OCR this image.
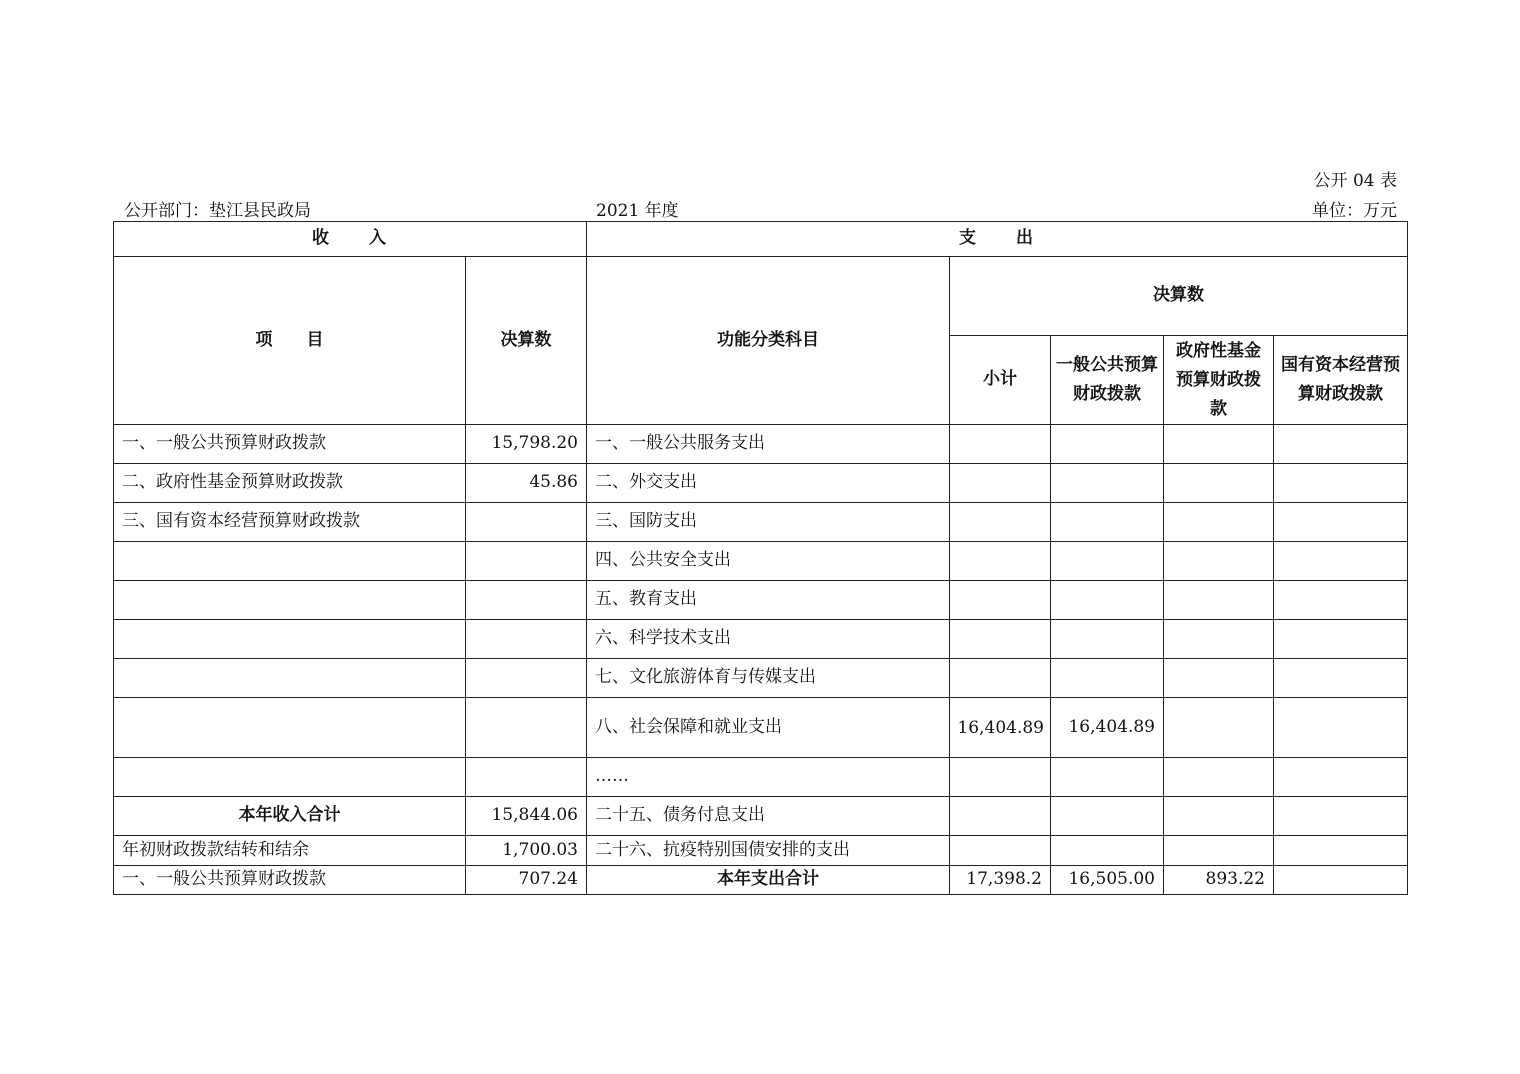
公开 04 表
公开部门：垫江县民政局	2021 年度	单位：万元
收　　入		支　　出				
项　　目	决算数	功能分类科目	决算数			
			小计	一般公共预算财政拨款	政府性基金预算财政拨款	国有资本经营预算财政拨款
一、一般公共预算财政拨款	15,798.20	一、一般公共服务支出				
二、政府性基金预算财政拨款	45.86	二、外交支出				
三、国有资本经营预算财政拨款		三、国防支出				
		四、公共安全支出				
		五、教育支出				
		六、科学技术支出				
		七、文化旅游体育与传媒支出				
		八、社会保障和就业支出	16,404.89	16,404.89		
		……				
本年收入合计	15,844.06	二十五、债务付息支出				
年初财政拨款结转和结余	1,700.03	二十六、抗疫特别国债安排的支出				
一、一般公共预算财政拨款	707.24	本年支出合计	17,398.2	16,505.00	893.22	
